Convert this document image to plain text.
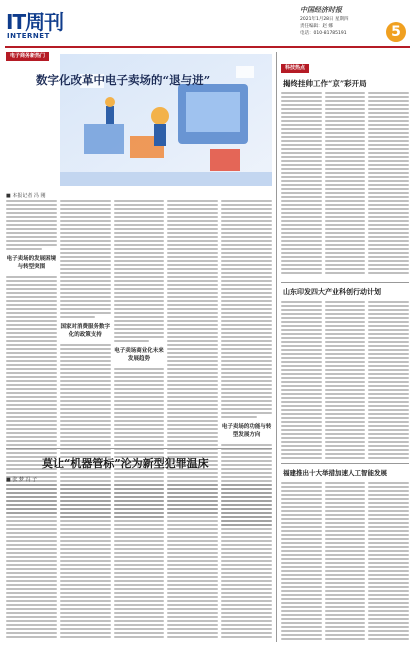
IT周刊
INTERNET
中国经济时报
2021年1月28日 星期四
责任编辑：赵 娜
电话：010-81785191	5
电子商务新热门
数字化改革中电子卖场的“退与进”
■ 本报记者 冯 刚
电子卖场的发展困境与转型突围
国家对消费服务数字化的政策支持
电子卖场商业化未来发展趋势
电子卖场的功能与转型发展方向
莫让“机器管标”沦为新型犯罪温床
■ 张 梦 冯 子
科技热点
揭终挂帅工作“京”彩开局
山东印发四大产业科创行动计划
福建推出十大举措加速人工智能发展
